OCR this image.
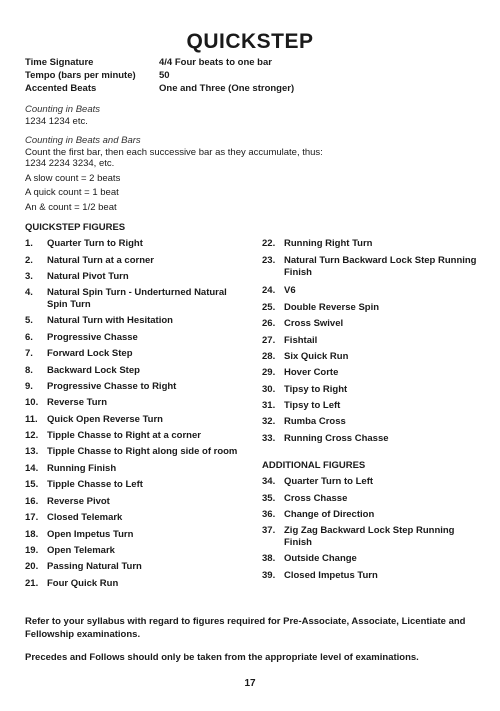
QUICKSTEP
Time Signature	4/4 Four beats to one bar
Tempo (bars per minute)	50
Accented Beats	One and Three (One stronger)
Counting in Beats
1234 1234 etc.
Counting in Beats and Bars
Count the first bar, then each successive bar as they accumulate, thus:
1234 2234 3234, etc.
A slow count = 2 beats
A quick count = 1 beat
An & count = 1/2 beat
QUICKSTEP FIGURES
1.	Quarter Turn to Right
2.	Natural Turn at a corner
3.	Natural Pivot Turn
4.	Natural Spin Turn - Underturned Natural Spin Turn
5.	Natural Turn with Hesitation
6.	Progressive Chasse
7.	Forward Lock Step
8.	Backward Lock Step
9.	Progressive Chasse to Right
10. Reverse Turn
11. Quick Open Reverse Turn
12. Tipple Chasse to Right at a corner
13. Tipple Chasse to Right along side of room
14. Running Finish
15. Tipple Chasse to Left
16. Reverse Pivot
17. Closed Telemark
18. Open Impetus Turn
19. Open Telemark
20. Passing Natural Turn
21. Four Quick Run
22. Running Right Turn
23. Natural Turn Backward Lock Step Running Finish
24. V6
25. Double Reverse Spin
26. Cross Swivel
27. Fishtail
28. Six Quick Run
29. Hover Corte
30. Tipsy to Right
31. Tipsy to Left
32. Rumba Cross
33. Running Cross Chasse
ADDITIONAL FIGURES
34. Quarter Turn to Left
35. Cross Chasse
36. Change of Direction
37. Zig Zag Backward Lock Step Running Finish
38. Outside Change
39. Closed Impetus Turn
Refer to your syllabus with regard to figures required for Pre-Associate, Associate, Licentiate and Fellowship examinations.
Precedes and Follows should only be taken from the appropriate level of examinations.
17
